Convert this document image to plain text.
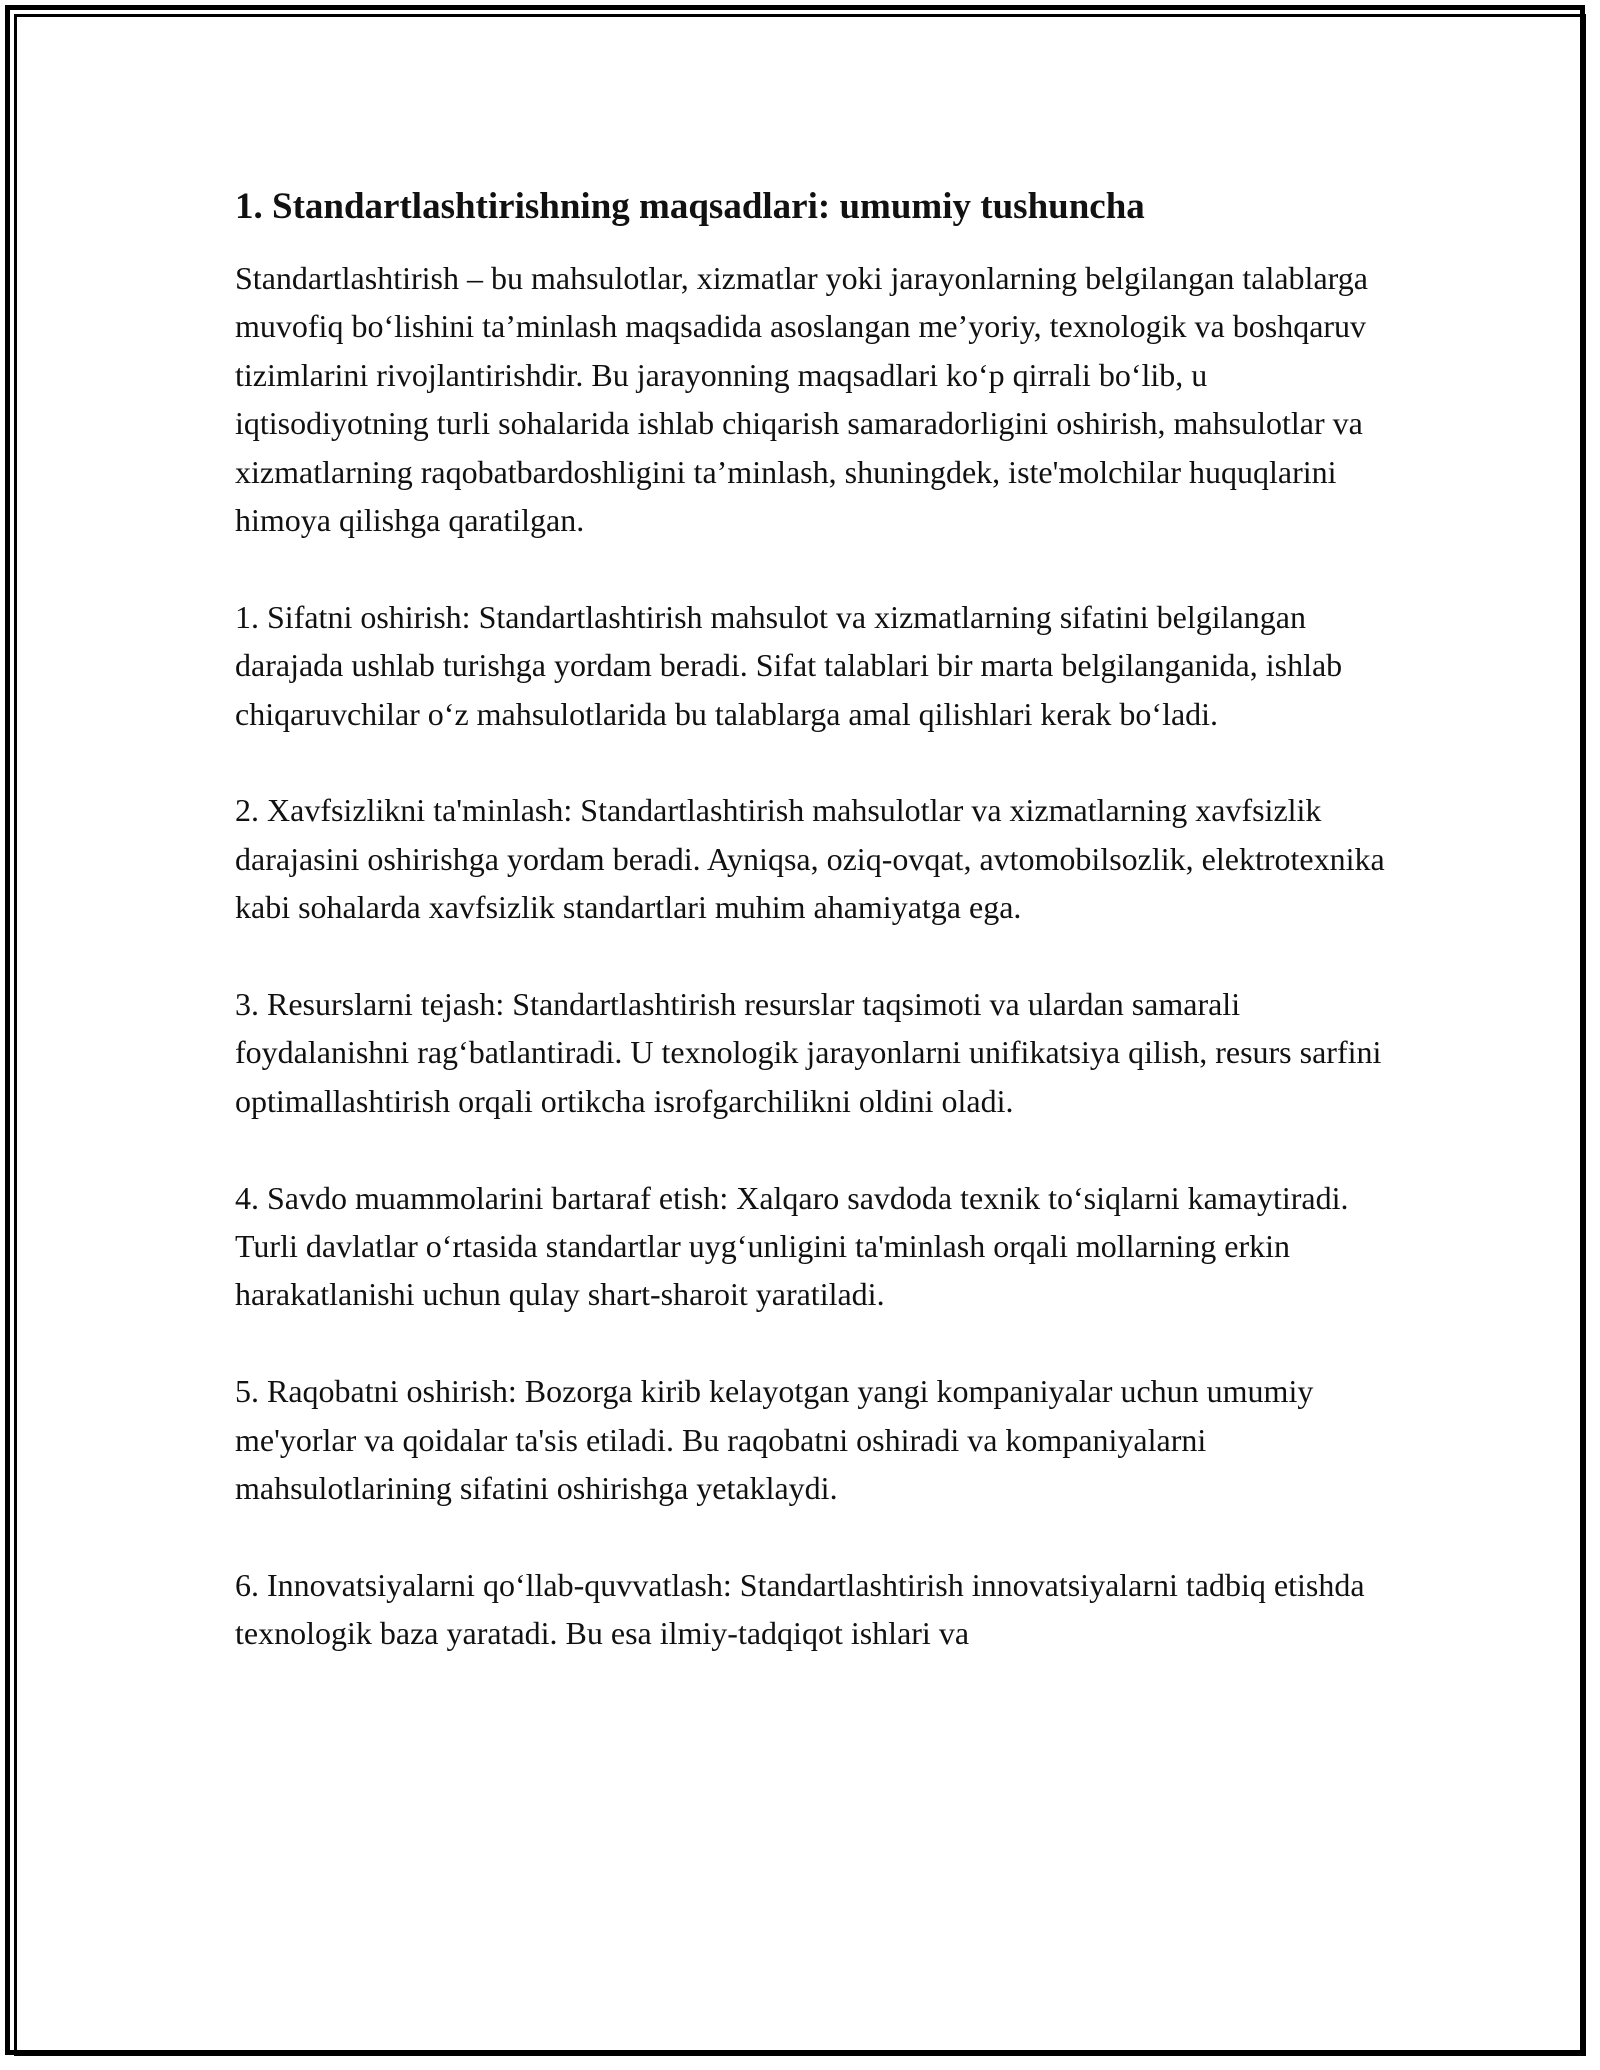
1. Standartlashtirishning maqsadlari: umumiy tushuncha

Standartlashtirish – bu mahsulotlar, xizmatlar yoki jarayonlarning belgilangan talablarga muvofiq bo‘lishini ta’minlash maqsadida asoslangan me’yoriy, texnologik va boshqaruv tizimlarini rivojlantirishdir. Bu jarayonning maqsadlari ko‘p qirrali bo‘lib, u iqtisodiyotning turli sohalarida ishlab chiqarish samaradorligini oshirish, mahsulotlar va xizmatlarning raqobatbardoshligini ta’minlash, shuningdek, iste'molchilar huquqlarini himoya qilishga qaratilgan.

1. Sifatni oshirish: Standartlashtirish mahsulot va xizmatlarning sifatini belgilangan darajada ushlab turishga yordam beradi. Sifat talablari bir marta belgilanganida, ishlab chiqaruvchilar o‘z mahsulotlarida bu talablarga amal qilishlari kerak bo‘ladi.

2. Xavfsizlikni ta'minlash: Standartlashtirish mahsulotlar va xizmatlarning xavfsizlik darajasini oshirishga yordam beradi. Ayniqsa, oziq-ovqat, avtomobilsozlik, elektrotexnika kabi sohalarda xavfsizlik standartlari muhim ahamiyatga ega.

3. Resurslarni tejash: Standartlashtirish resurslar taqsimoti va ulardan samarali foydalanishni rag‘batlantiradi. U texnologik jarayonlarni unifikatsiya qilish, resurs sarfini optimallashtirish orqali ortikcha isrofgarchilikni oldini oladi.

4. Savdo muammolarini bartaraf etish: Xalqaro savdoda texnik to‘siqlarni kamaytiradi. Turli davlatlar o‘rtasida standartlar uyg‘unligini ta'minlash orqali mollarning erkin harakatlanishi uchun qulay shart-sharoit yaratiladi.

5. Raqobatni oshirish: Bozorga kirib kelayotgan yangi kompaniyalar uchun umumiy me'yorlar va qoidalar ta'sis etiladi. Bu raqobatni oshiradi va kompaniyalarni mahsulotlarining sifatini oshirishga yetaklaydi.

6. Innovatsiyalarni qo‘llab-quvvatlash: Standartlashtirish innovatsiyalarni tadbiq etishda texnologik baza yaratadi. Bu esa ilmiy-tadqiqot ishlari va
